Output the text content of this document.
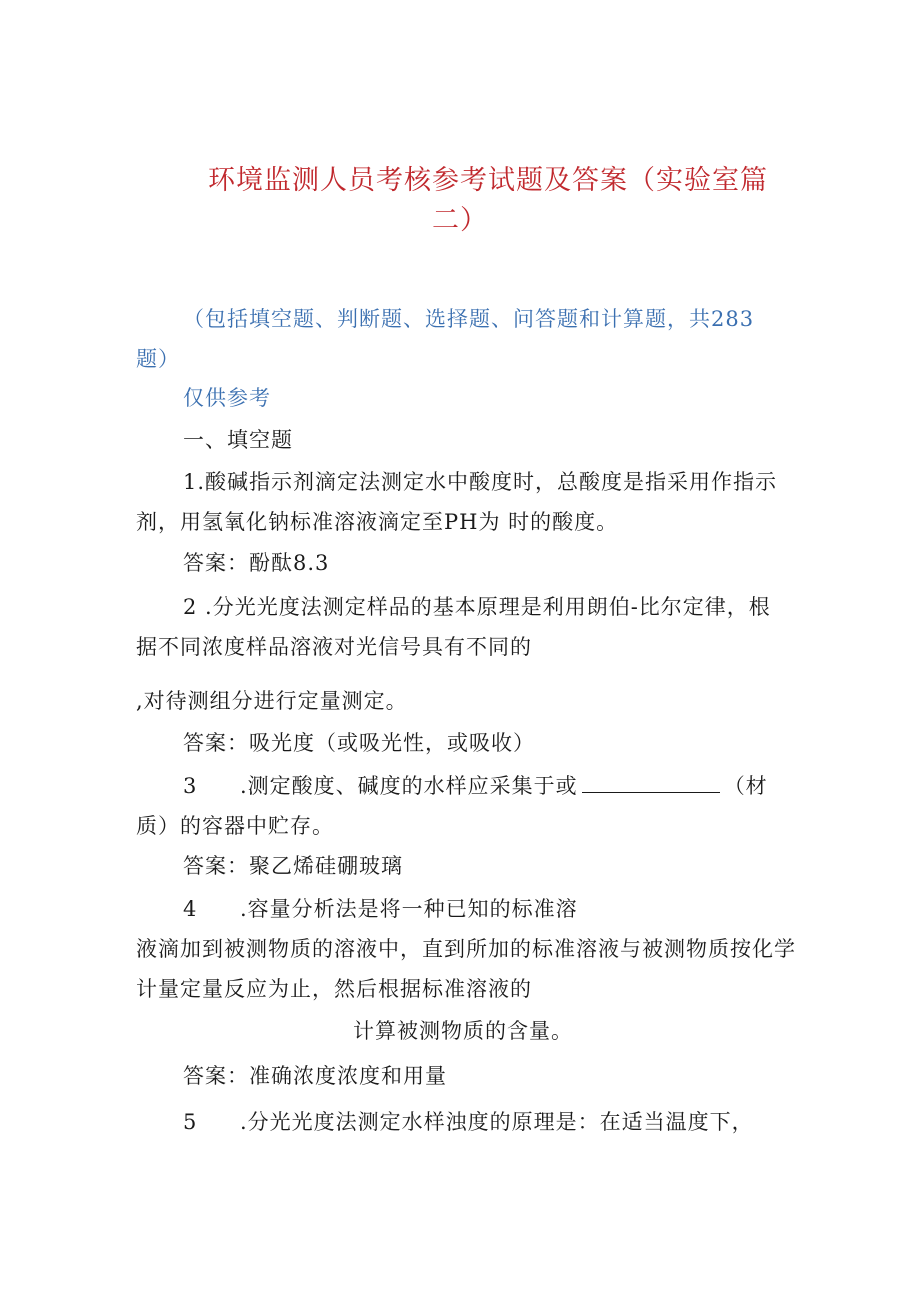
环境监测人员考核参考试题及答案（实验室篇
二）
（包括填空题、判断题、选择题、问答题和计算题，共283
题）
仅供参考
一、填空题
1.酸碱指示剂滴定法测定水中酸度时，总酸度是指采用作指示
剂，用氢氧化钠标准溶液滴定至PH为 时的酸度。
答案：酚酞8.3
2 .分光光度法测定样品的基本原理是利用朗伯-比尔定律，根
据不同浓度样品溶液对光信号具有不同的
,对待测组分进行定量测定。
答案：吸光度（或吸光性，或吸收）
3 .测定酸度、碱度的水样应采集于或	（材
质）的容器中贮存。
答案：聚乙烯硅硼玻璃
4 .容量分析法是将一种已知的标准溶
液滴加到被测物质的溶液中，直到所加的标准溶液与被测物质按化学
计量定量反应为止，然后根据标准溶液的
计算被测物质的含量。
答案：准确浓度浓度和用量
5 .分光光度法测定水样浊度的原理是：在适当温度下，
